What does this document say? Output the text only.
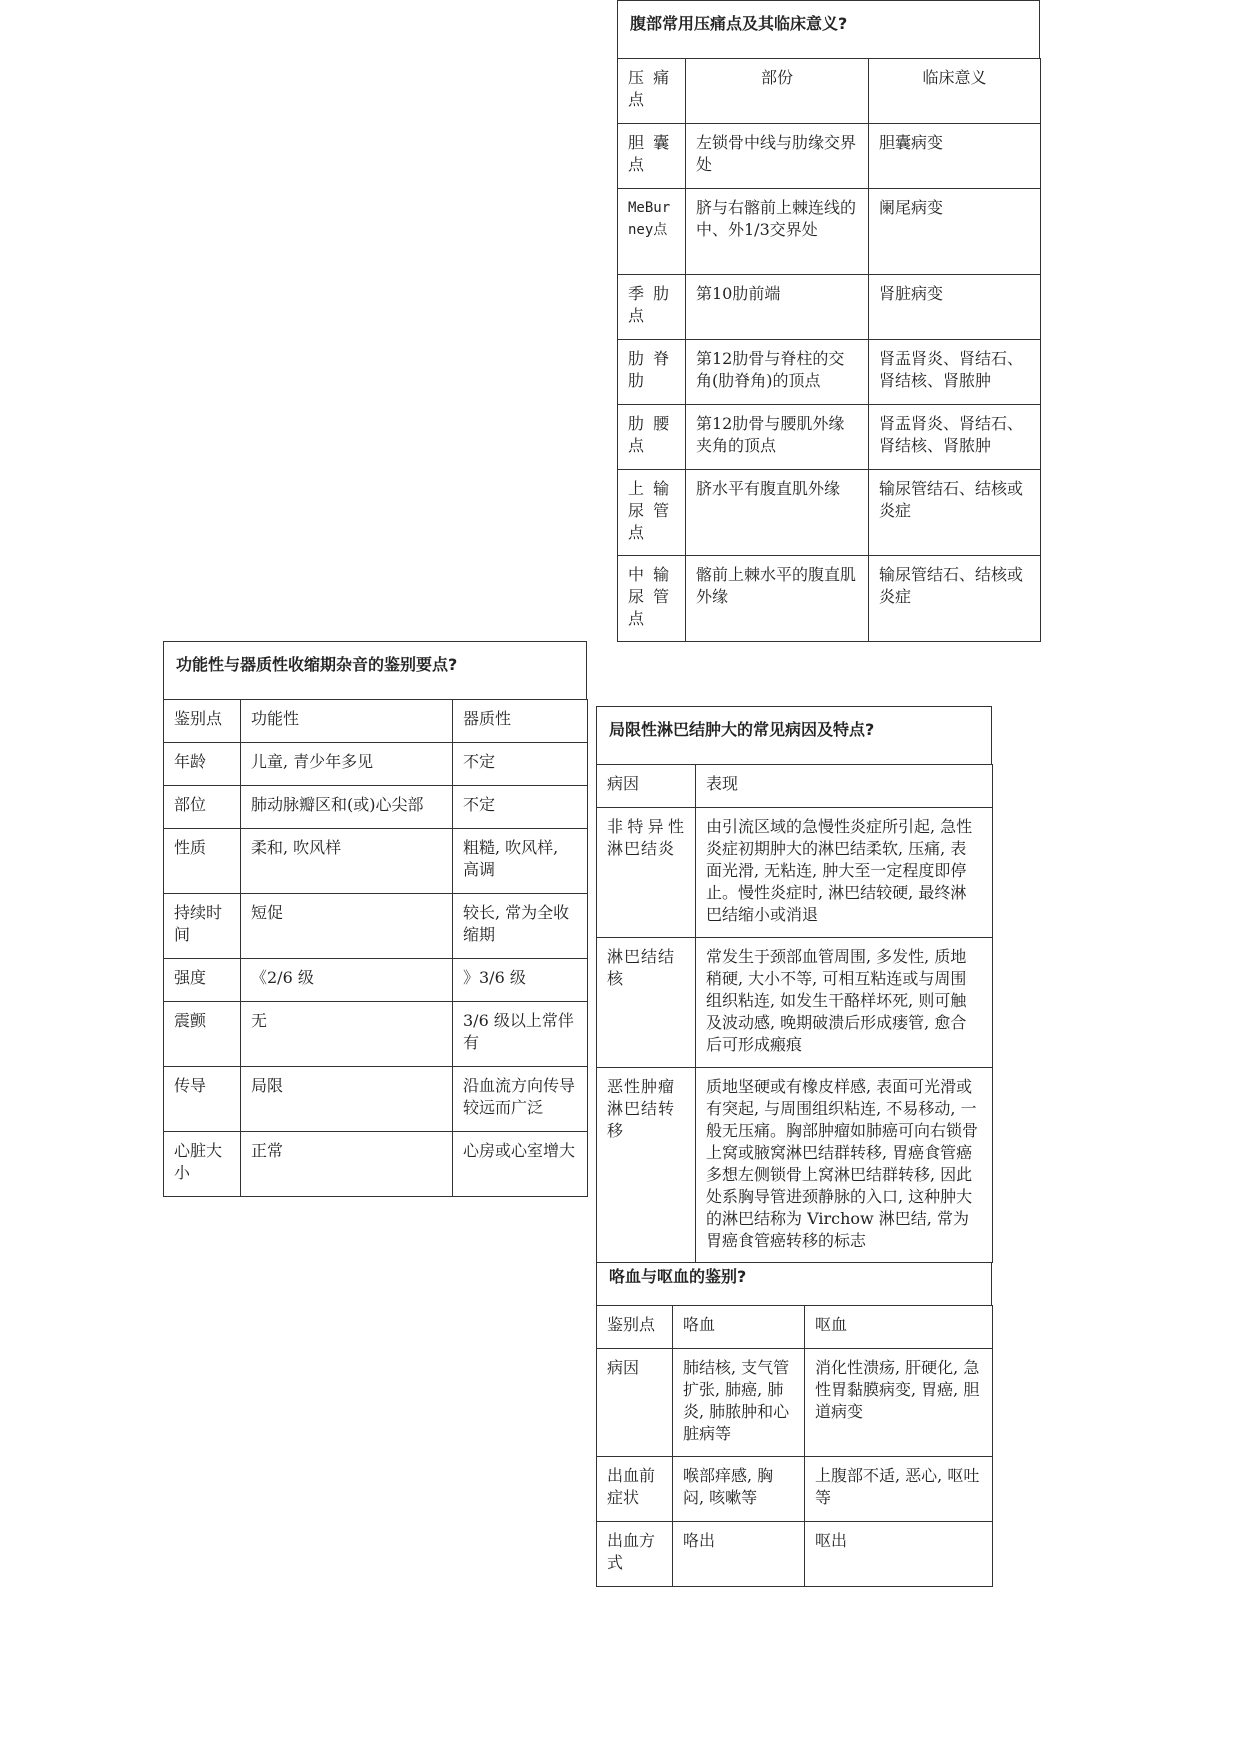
腹部常用压痛点及其临床意义?
压 痛 点	部份	临床意义
胆 囊 点	左锁骨中线与肋缘交界处	胆囊病变
MeBurney点	脐与右髂前上棘连线的中、外1/3交界处	阑尾病变
季 肋 点	第10肋前端	肾脏病变
肋 脊 肋	第12肋骨与脊柱的交角(肋脊角)的顶点	肾盂肾炎、肾结石、肾结核、肾脓肿
肋 腰 点	第12肋骨与腰肌外缘夹角的顶点	肾盂肾炎、肾结石、肾结核、肾脓肿
上 输 尿 管 点	脐水平有腹直肌外缘	输尿管结石、结核或炎症
中 输 尿 管 点	髂前上棘水平的腹直肌外缘	输尿管结石、结核或炎症
功能性与器质性收缩期杂音的鉴别要点?
鉴别点	功能性	器质性
年龄	儿童, 青少年多见	不定
部位	肺动脉瓣区和(或)心尖部	不定
性质	柔和, 吹风样	粗糙, 吹风样, 高调
持续时间	短促	较长, 常为全收缩期
强度	《2/6 级	》3/6 级
震颤	无	3/6 级以上常伴有
传导	局限	沿血流方向传导较远而广泛
心脏大小	正常	心房或心室增大
局限性淋巴结肿大的常见病因及特点?
病因	表现
非特异性淋巴结炎	由引流区域的急慢性炎症所引起, 急性炎症初期肿大的淋巴结柔软, 压痛, 表面光滑, 无粘连, 肿大至一定程度即停止。慢性炎症时, 淋巴结较硬, 最终淋巴结缩小或消退
淋巴结结核	常发生于颈部血管周围, 多发性, 质地稍硬, 大小不等, 可相互粘连或与周围组织粘连, 如发生干酪样坏死, 则可触及波动感, 晚期破溃后形成瘘管, 愈合后可形成瘢痕
恶性肿瘤淋巴结转移	质地坚硬或有橡皮样感, 表面可光滑或有突起, 与周围组织粘连, 不易移动, 一般无压痛。胸部肿瘤如肺癌可向右锁骨上窝或腋窝淋巴结群转移, 胃癌食管癌多想左侧锁骨上窝淋巴结群转移, 因此处系胸导管进颈静脉的入口, 这种肿大的淋巴结称为 Virchow 淋巴结, 常为胃癌食管癌转移的标志
咯血与呕血的鉴别?
鉴别点	咯血	呕血
病因	肺结核, 支气管扩张, 肺癌, 肺炎, 肺脓肿和心脏病等	消化性溃疡, 肝硬化, 急性胃黏膜病变, 胃癌, 胆道病变
出血前症状	喉部痒感, 胸闷, 咳嗽等	上腹部不适, 恶心, 呕吐等
出血方式	咯出	呕出
